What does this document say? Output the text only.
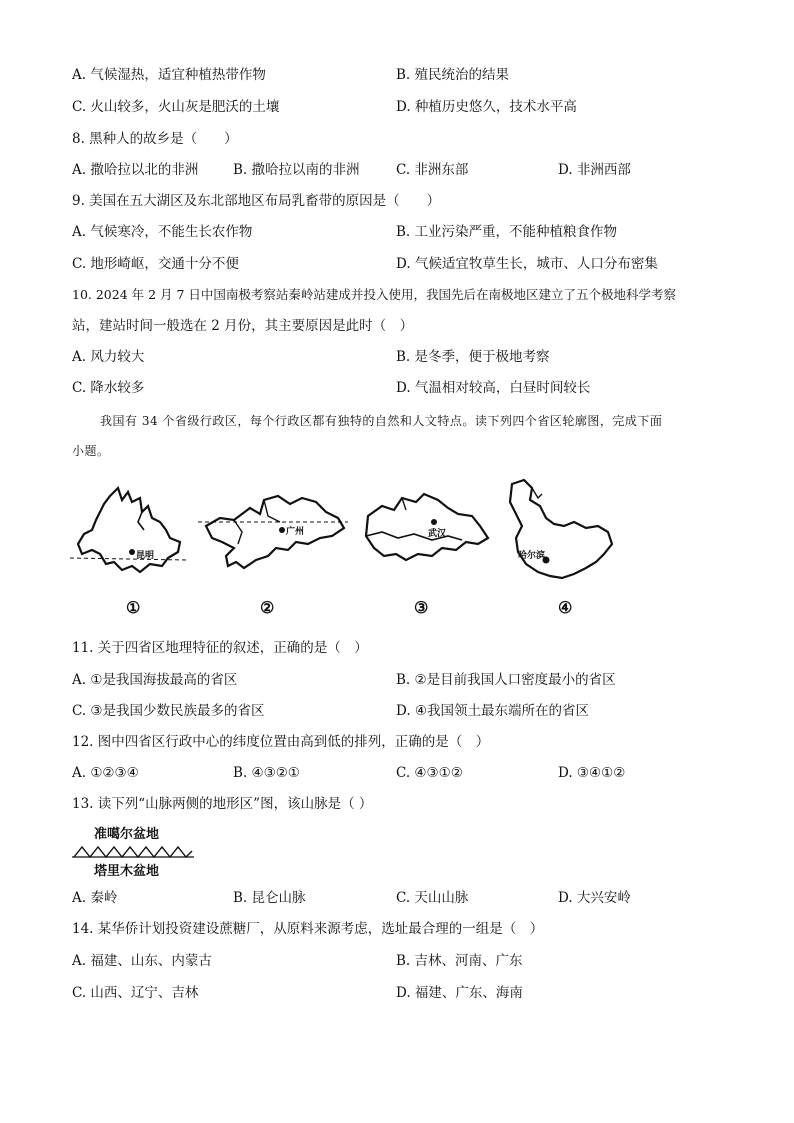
A. 气候湿热，适宜种植热带作物	B. 殖民统治的结果
C. 火山较多，火山灰是肥沃的土壤	D. 种植历史悠久，技术水平高
8. 黑种人的故乡是（　　）
A. 撒哈拉以北的非洲	B. 撒哈拉以南的非洲	C. 非洲东部	D. 非洲西部
9. 美国在五大湖区及东北部地区布局乳畜带的原因是（　　）
A. 气候寒冷，不能生长农作物	B. 工业污染严重，不能种植粮食作物
C. 地形崎岖，交通十分不便	D. 气候适宜牧草生长，城市、人口分布密集
10. 2024 年 2 月 7 日中国南极考察站秦岭站建成并投入使用，我国先后在南极地区建立了五个极地科学考察
站，建站时间一般选在 2 月份，其主要原因是此时（　）
A. 风力较大	B. 是冬季，便于极地考察
C. 降水较多	D. 气温相对较高，白昼时间较长
我国有 34 个省级行政区，每个行政区都有独特的自然和人文特点。读下列四个省区轮廓图，完成下面
小题。
昆明
①
广州
②
武汉
③
哈尔滨
④
11. 关于四省区地理特征的叙述，正确的是（　）
A. ①是我国海拔最高的省区	B. ②是目前我国人口密度最小的省区
C. ③是我国少数民族最多的省区	D. ④我国领土最东端所在的省区
12. 图中四省区行政中心的纬度位置由高到低的排列，正确的是（　）
A. ①②③④	B. ④③②①	C. ④③①②	D. ③④①②
13. 读下列“山脉两侧的地形区”图，该山脉是（ ）
准噶尔盆地
塔里木盆地
A. 秦岭	B. 昆仑山脉	C. 天山山脉	D. 大兴安岭
14. 某华侨计划投资建设蔗糖厂，从原料来源考虑，选址最合理的一组是（　）
A. 福建、山东、内蒙古	B. 吉林、河南、广东
C. 山西、辽宁、吉林	D. 福建、广东、海南
